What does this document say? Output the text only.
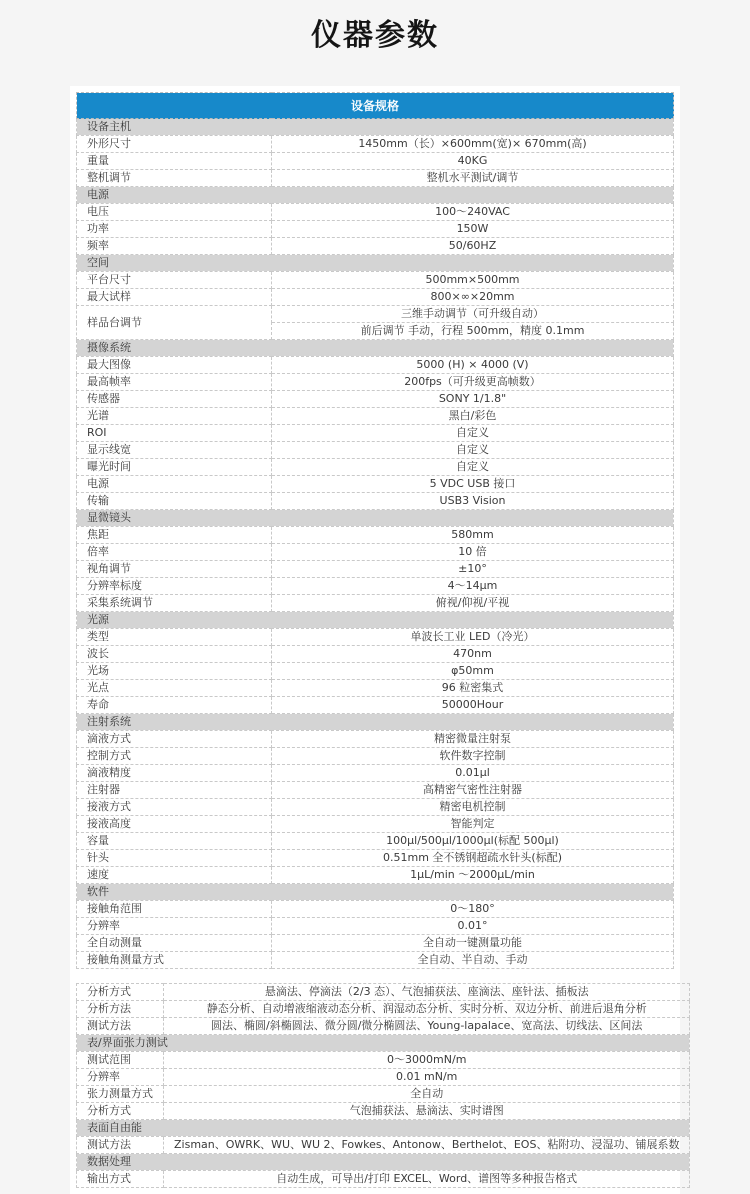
仪器参数
设备规格	
设备主机	
外形尺寸	1450mm（长）×600mm(宽)× 670mm(高)
重量	40KG
整机调节	整机水平测试/调节
电源	
电压	100～240VAC
功率	150W
频率	50/60HZ
空间	
平台尺寸	500mm×500mm
最大试样	800×∞×20mm
样品台调节	三维手动调节（可升级自动）
	前后调节 手动，行程 500mm，精度 0.1mm
摄像系统	
最大图像	5000 (H) × 4000 (V)
最高帧率	200fps（可升级更高帧数）
传感器	SONY 1/1.8"
光谱	黑白/彩色
ROI	自定义
显示线宽	自定义
曝光时间	自定义
电源	5 VDC USB 接口
传输	USB3 Vision
显微镜头	
焦距	580mm
倍率	10 倍
视角调节	±10°
分辨率标度	4～14μm
采集系统调节	俯视/仰视/平视
光源	
类型	单波长工业 LED（冷光）
波长	470nm
光场	φ50mm
光点	96 粒密集式
寿命	50000Hour
注射系统	
滴液方式	精密微量注射泵
控制方式	软件数字控制
滴液精度	0.01μl
注射器	高精密气密性注射器
接液方式	精密电机控制
接液高度	智能判定
容量	100μl/500μl/1000μl(标配 500μl)
针头	0.51mm 全不锈钢超疏水针头(标配)
速度	1μL/min ～2000μL/min
软件	
接触角范围	0～180°
分辨率	0.01°
全自动测量	全自动一键测量功能
接触角测量方式	全自动、半自动、手动
分析方式	悬滴法、停滴法（2/3 态）、气泡捕获法、座滴法、座针法、插板法
分析方法	静态分析、自动增液缩液动态分析、润湿动态分析、实时分析、双边分析、前进后退角分析
测试方法	圆法、椭圆/斜椭圆法、微分圆/微分椭圆法、Young-lapalace、宽高法、切线法、区间法
表/界面张力测试	
测试范围	0～3000mN/m
分辨率	0.01 mN/m
张力测量方式	全自动
分析方式	气泡捕获法、悬滴法、实时谱图
表面自由能	
测试方法	Zisman、OWRK、WU、WU 2、Fowkes、Antonow、Berthelot、EOS、粘附功、浸湿功、铺展系数
数据处理	
输出方式	自动生成，可导出/打印 EXCEL、Word、谱图等多种报告格式
